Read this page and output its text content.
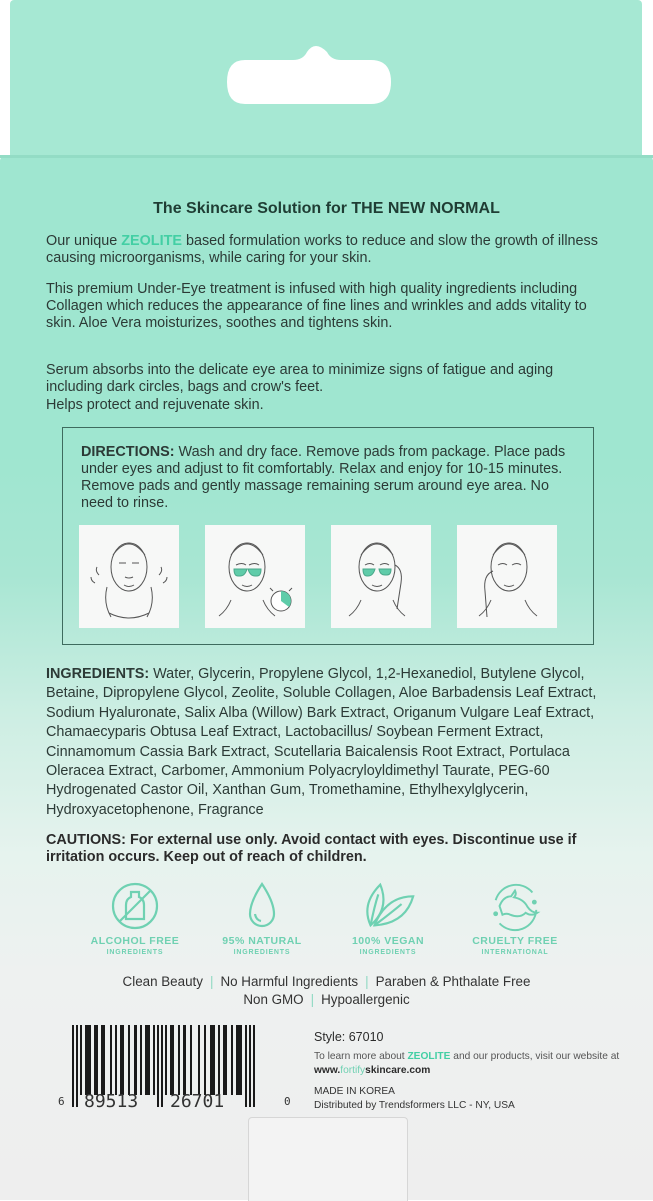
The Skincare Solution for THE NEW NORMAL
Our unique ZEOLITE based formulation works to reduce and slow the growth of illness causing microorganisms, while caring for your skin.
This premium Under-Eye treatment is infused with high quality ingredients including Collagen which reduces the appearance of fine lines and wrinkles and adds vitality to skin. Aloe Vera moisturizes, soothes and tightens skin.
Serum absorbs into the delicate eye area to minimize signs of fatigue and aging including dark circles, bags and crow's feet.
Helps protect and rejuvenate skin.
DIRECTIONS: Wash and dry face. Remove pads from package. Place pads under eyes and adjust to fit comfortably. Relax and enjoy for 10-15 minutes. Remove pads and gently massage remaining serum around eye area. No need to rinse.
INGREDIENTS: Water, Glycerin, Propylene Glycol, 1,2-Hexanediol, Butylene Glycol, Betaine, Dipropylene Glycol, Zeolite, Soluble Collagen, Aloe Barbadensis Leaf Extract, Sodium Hyaluronate, Salix Alba (Willow) Bark Extract, Origanum Vulgare Leaf Extract, Chamaecyparis Obtusa Leaf Extract, Lactobacillus/ Soybean Ferment Extract, Cinnamomum Cassia Bark Extract, Scutellaria Baicalensis Root Extract, Portulaca Oleracea Extract, Carbomer, Ammonium Polyacryloyldimethyl Taurate, PEG-60 Hydrogenated Castor Oil, Xanthan Gum, Tromethamine, Ethylhexylglycerin, Hydroxyacetophenone, Fragrance
CAUTIONS: For external use only. Avoid contact with eyes. Discontinue use if irritation occurs. Keep out of reach of children.
ALCOHOL FREE
INGREDIENTS
95% NATURAL
INGREDIENTS
100% VEGAN
INGREDIENTS
CRUELTY FREE
INTERNATIONAL
Clean Beauty | No Harmful Ingredients | Paraben & Phthalate Free
Non GMO | Hypoallergenic
6 89513 26701	0
Style: 67010
To learn more about ZEOLITE and our products, visit our website at www.fortifyskincare.com
MADE IN KOREA
Distributed by Trendsformers LLC - NY, USA
